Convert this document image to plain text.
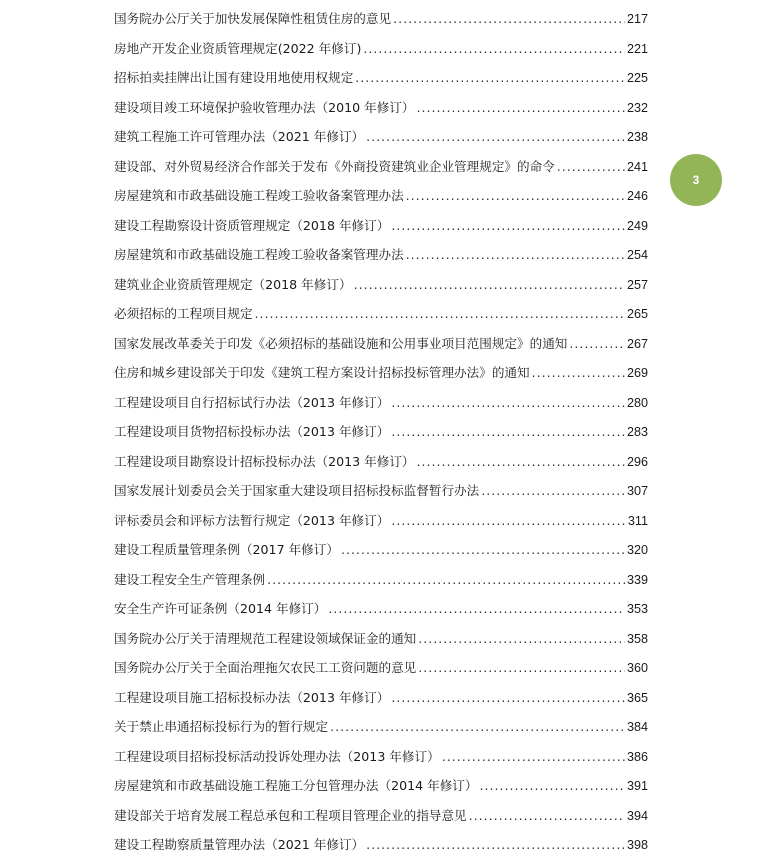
国务院办公厅关于加快发展保障性租赁住房的意见 .....	217
房地产开发企业资质管理规定(2022 年修订) .....	221
招标拍卖挂牌出让国有建设用地使用权规定 .....	225
建设项目竣工环境保护验收管理办法（2010 年修订） .....	232
建筑工程施工许可管理办法（2021 年修订） .....	238
建设部、对外贸易经济合作部关于发布《外商投资建筑业企业管理规定》的命令 .....	241
房屋建筑和市政基础设施工程竣工验收备案管理办法 .....	246
建设工程勘察设计资质管理规定（2018 年修订） .....	249
房屋建筑和市政基础设施工程竣工验收备案管理办法 .....	254
建筑业企业资质管理规定（2018 年修订） .....	257
必须招标的工程项目规定 .....	265
国家发展改革委关于印发《必须招标的基础设施和公用事业项目范围规定》的通知 .....	267
住房和城乡建设部关于印发《建筑工程方案设计招标投标管理办法》的通知 .....	269
工程建设项目自行招标试行办法（2013 年修订） .....	280
工程建设项目货物招标投标办法（2013 年修订） .....	283
工程建设项目勘察设计招标投标办法（2013 年修订） .....	296
国家发展计划委员会关于国家重大建设项目招标投标监督暂行办法 .....	307
评标委员会和评标方法暂行规定（2013 年修订） .....	311
建设工程质量管理条例（2017 年修订） .....	320
建设工程安全生产管理条例 .....	339
安全生产许可证条例（2014 年修订） .....	353
国务院办公厅关于清理规范工程建设领域保证金的通知 .....	358
国务院办公厅关于全面治理拖欠农民工工资问题的意见 .....	360
工程建设项目施工招标投标办法（2013 年修订） .....	365
关于禁止串通招标投标行为的暂行规定 .....	384
工程建设项目招标投标活动投诉处理办法（2013 年修订） .....	386
房屋建筑和市政基础设施工程施工分包管理办法（2014 年修订） .....	391
建设部关于培育发展工程总承包和工程项目管理企业的指导意见 .....	394
建设工程勘察质量管理办法（2021 年修订） .....	398
3
